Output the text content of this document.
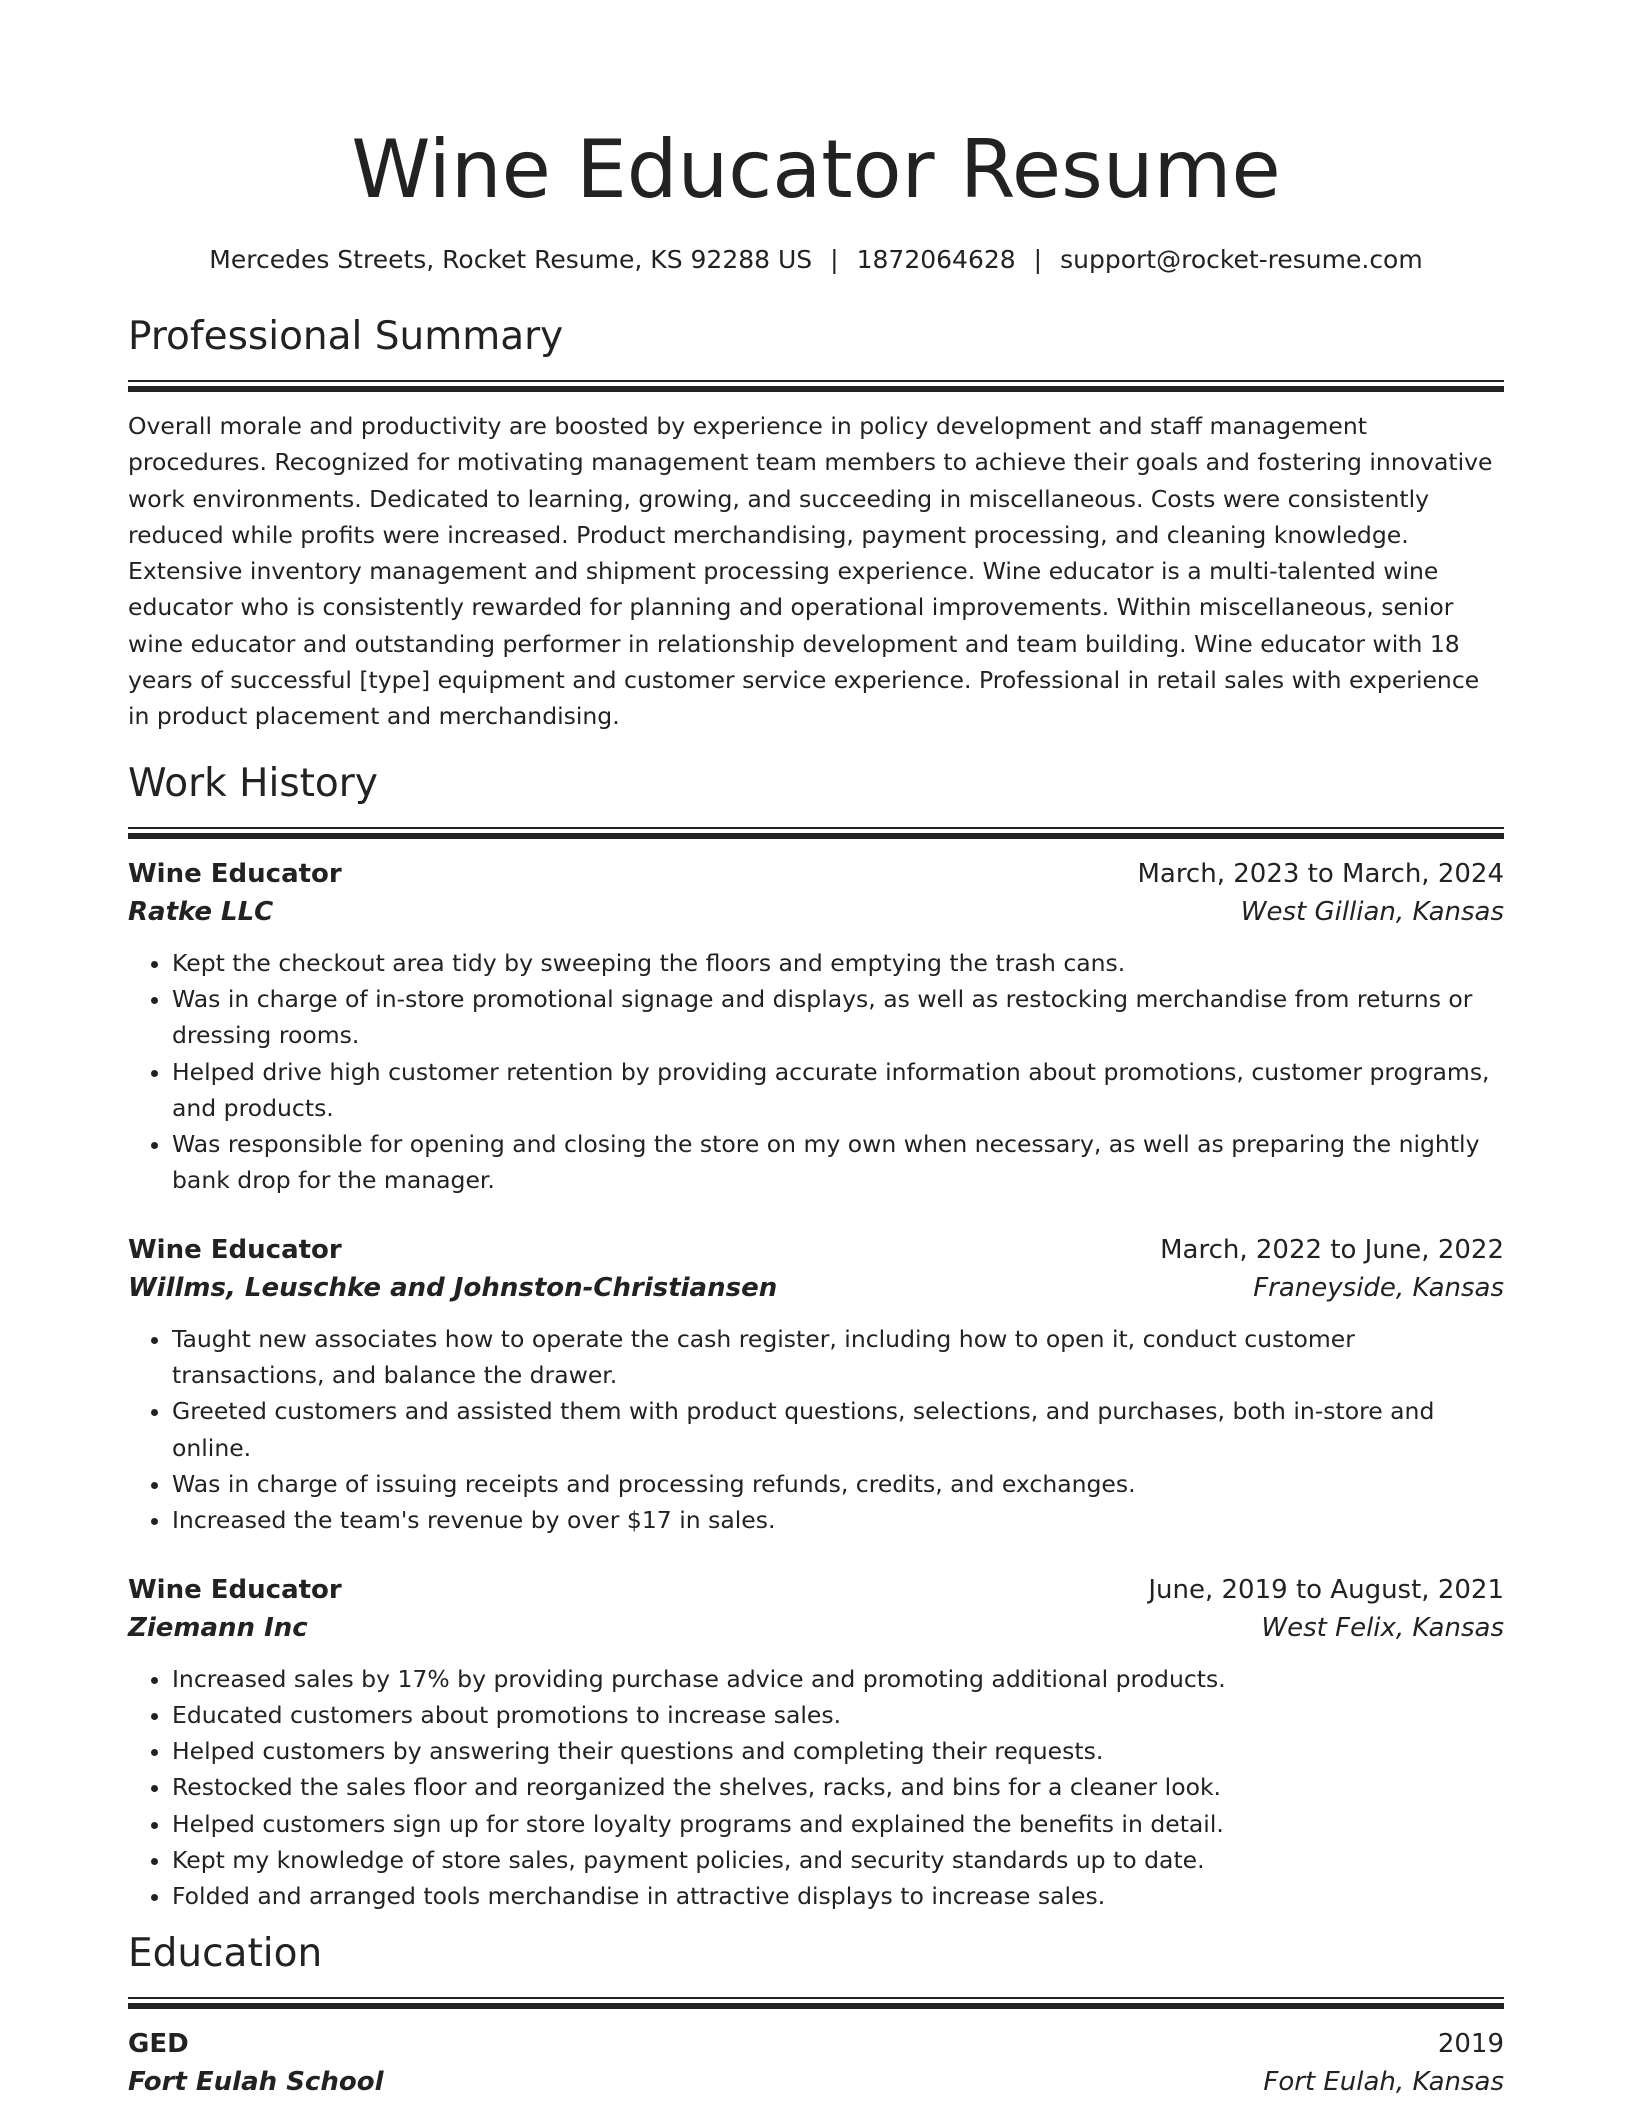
Wine Educator Resume
Mercedes Streets, Rocket Resume, KS 92288 US | 1872064628 | support@rocket-resume.com
Professional Summary

Overall morale and productivity are boosted by experience in policy development and staff management procedures. Recognized for motivating management team members to achieve their goals and fostering innovative work environments. Dedicated to learning, growing, and succeeding in miscellaneous. Costs were consistently reduced while profits were increased. Product merchandising, payment processing, and cleaning knowledge. Extensive inventory management and shipment processing experience. Wine educator is a multi-talented wine educator who is consistently rewarded for planning and operational improvements. Within miscellaneous, senior wine educator and outstanding performer in relationship development and team building. Wine educator with 18 years of successful [type] equipment and customer service experience. Professional in retail sales with experience in product placement and merchandising.

Work History
Wine Educator	March, 2023 to March, 2024
Ratke LLC	West Gillian, Kansas
• Kept the checkout area tidy by sweeping the floors and emptying the trash cans.
• Was in charge of in-store promotional signage and displays, as well as restocking merchandise from returns or dressing rooms.
• Helped drive high customer retention by providing accurate information about promotions, customer programs, and products.
• Was responsible for opening and closing the store on my own when necessary, as well as preparing the nightly bank drop for the manager.
Wine Educator	March, 2022 to June, 2022
Willms, Leuschke and Johnston-Christiansen	Franeyside, Kansas
• Taught new associates how to operate the cash register, including how to open it, conduct customer transactions, and balance the drawer.
• Greeted customers and assisted them with product questions, selections, and purchases, both in-store and online.
• Was in charge of issuing receipts and processing refunds, credits, and exchanges.
• Increased the team's revenue by over $17 in sales.
Wine Educator	June, 2019 to August, 2021
Ziemann Inc	West Felix, Kansas
• Increased sales by 17% by providing purchase advice and promoting additional products.
• Educated customers about promotions to increase sales.
• Helped customers by answering their questions and completing their requests.
• Restocked the sales floor and reorganized the shelves, racks, and bins for a cleaner look.
• Helped customers sign up for store loyalty programs and explained the benefits in detail.
• Kept my knowledge of store sales, payment policies, and security standards up to date.
• Folded and arranged tools merchandise in attractive displays to increase sales.
Education
GED	2019
Fort Eulah School	Fort Eulah, Kansas
